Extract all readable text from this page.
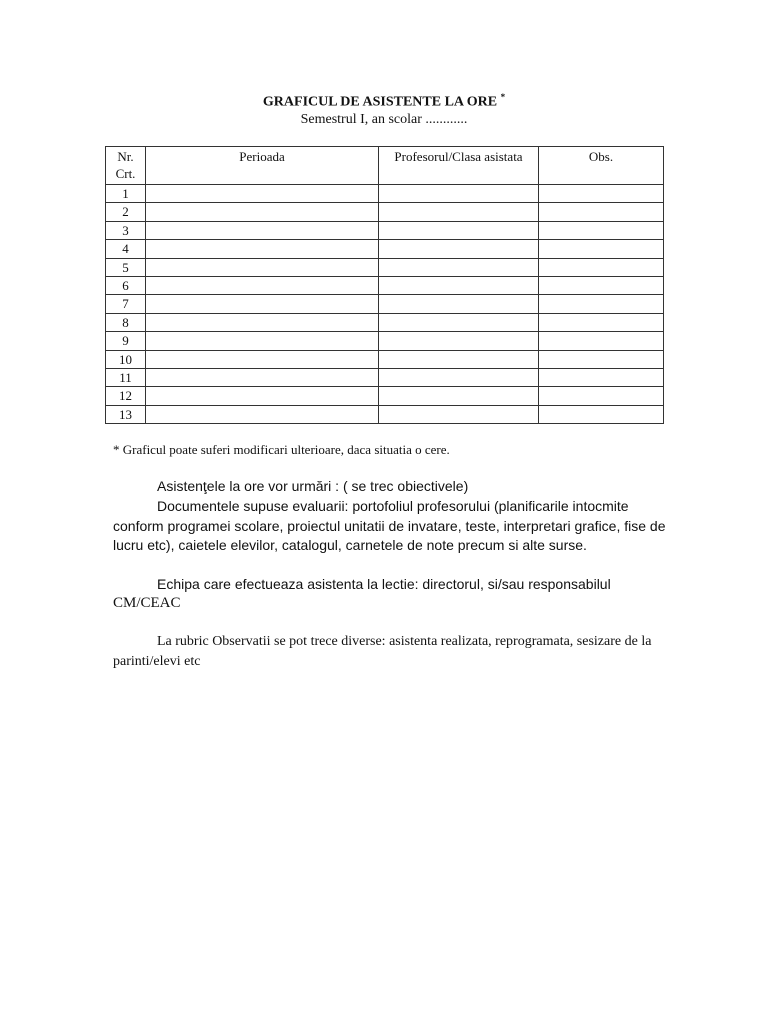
GRAFICUL DE ASISTENTE LA ORE *
Semestrul I, an scolar ............
Nr. Crt.	Perioada	Profesorul/Clasa asistata	Obs.
1			
2			
3			
4			
5			
6			
7			
8			
9			
10			
11			
12			
13			
* Graficul poate suferi modificari ulterioare, daca situatia o cere.
Asistenţele la ore vor urmări : ( se trec obiectivele)
Documentele supuse evaluarii: portofoliul profesorului (planificarile intocmite conform programei scolare, proiectul unitatii de invatare, teste, interpretari grafice, fise de lucru etc), caietele elevilor, catalogul, carnetele de note precum si alte surse.
Echipa care efectueaza asistenta la lectie: directorul, si/sau responsabilul
CM/CEAC
La rubric Observatii se pot trece diverse: asistenta realizata, reprogramata, sesizare de la parinti/elevi etc
